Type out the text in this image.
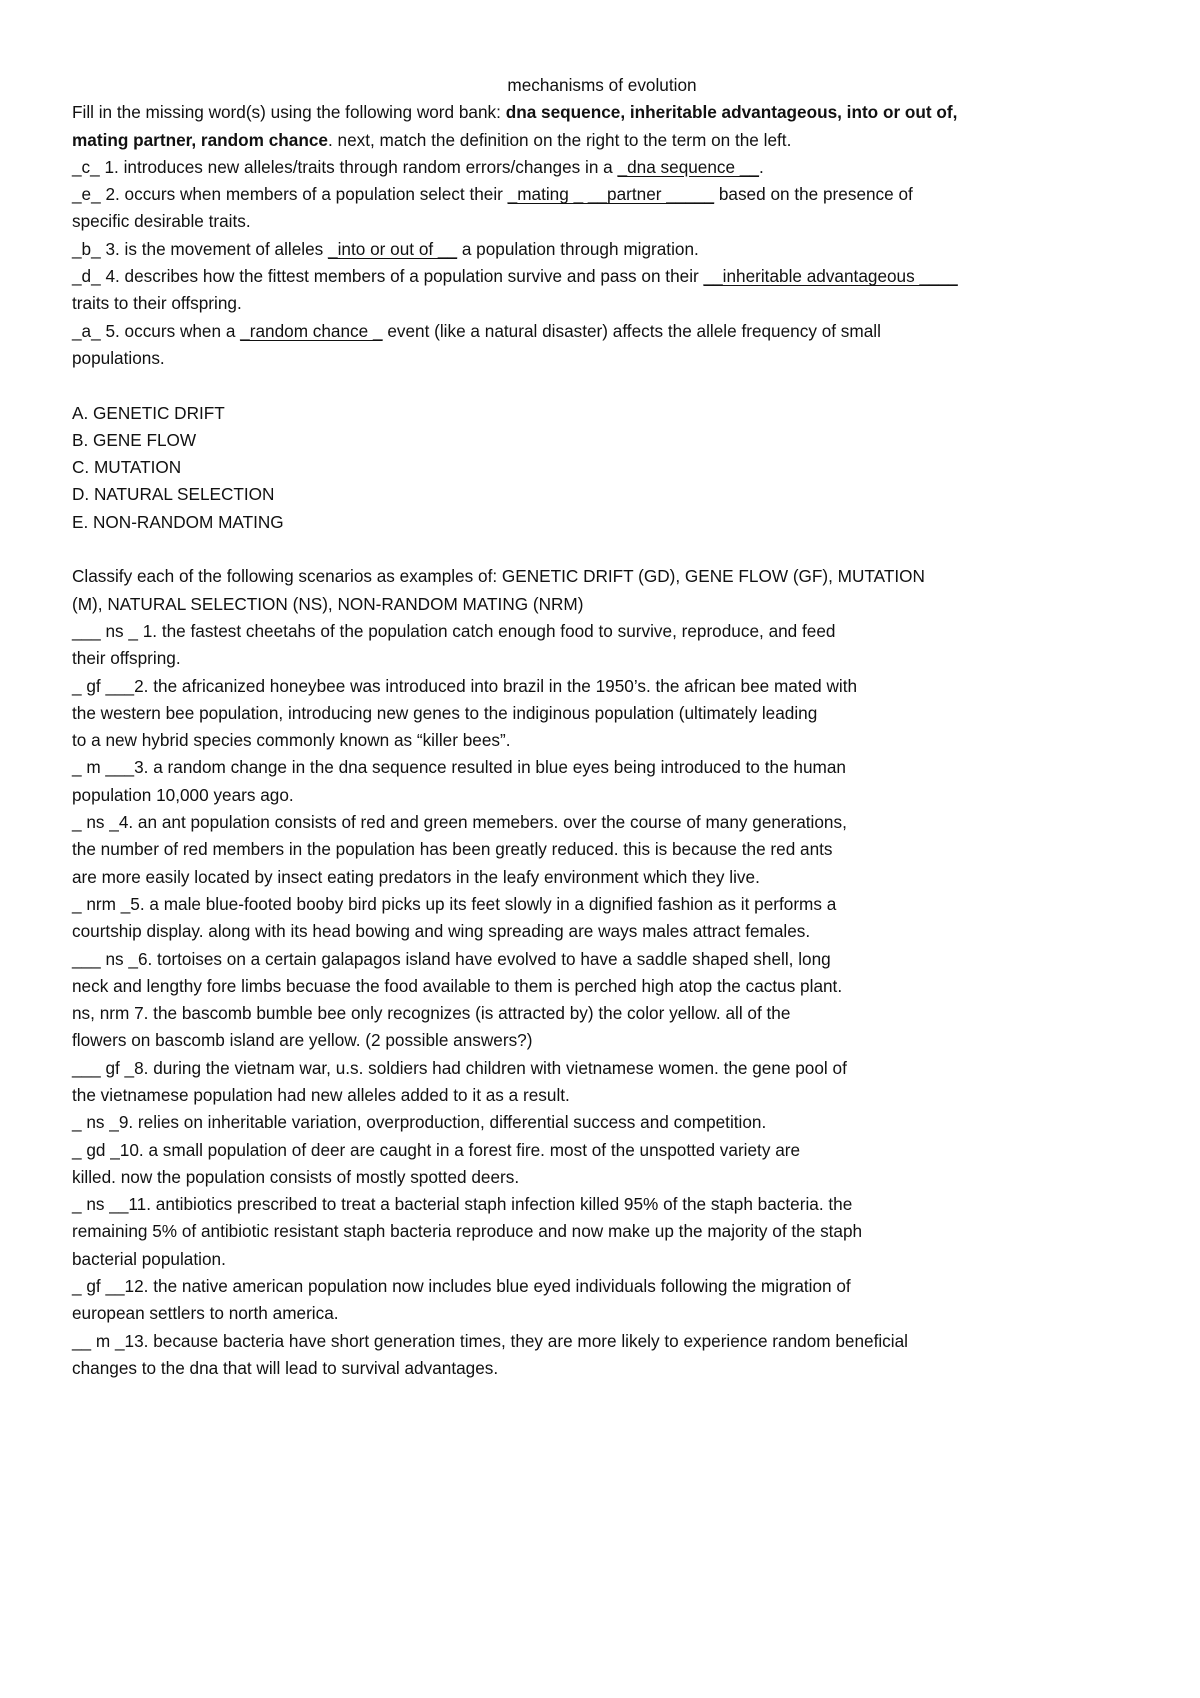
mechanisms of evolution
Fill in the missing word(s) using the following word bank: dna sequence, inheritable advantageous, into or out of,
mating partner, random chance. next, match the definition on the right to the term on the left.
_c_ 1. introduces new alleles/traits through random errors/changes in a _dna sequence __.
_e_ 2. occurs when members of a population select their _mating _ __partner _____ based on the presence of
specific desirable traits.
_b_ 3. is the movement of alleles _into or out of __ a population through migration.
_d_ 4. describes how the fittest members of a population survive and pass on their __inheritable advantageous ____
traits to their offspring.
_a_ 5. occurs when a _random chance _ event (like a natural disaster) affects the allele frequency of small
populations.
A. GENETIC DRIFT
B. GENE FLOW
C. MUTATION
D. NATURAL SELECTION
E. NON-RANDOM MATING
Classify each of the following scenarios as examples of: GENETIC DRIFT (GD), GENE FLOW (GF), MUTATION
(M), NATURAL SELECTION (NS), NON-RANDOM MATING (NRM)
___ ns _ 1. the fastest cheetahs of the population catch enough food to survive, reproduce, and feed
their offspring.
_ gf ___2. the africanized honeybee was introduced into brazil in the 1950’s. the african bee mated with
the western bee population, introducing new genes to the indiginous population (ultimately leading
to a new hybrid species commonly known as “killer bees”.
_ m ___3. a random change in the dna sequence resulted in blue eyes being introduced to the human
population 10,000 years ago.
_ ns _4. an ant population consists of red and green memebers. over the course of many generations,
the number of red members in the population has been greatly reduced. this is because the red ants
are more easily located by insect eating predators in the leafy environment which they live.
_ nrm _5. a male blue-footed booby bird picks up its feet slowly in a dignified fashion as it performs a
courtship display. along with its head bowing and wing spreading are ways males attract females.
___ ns _6. tortoises on a certain galapagos island have evolved to have a saddle shaped shell, long
neck and lengthy fore limbs becuase the food available to them is perched high atop the cactus plant.
ns, nrm 7. the bascomb bumble bee only recognizes (is attracted by) the color yellow. all of the
flowers on bascomb island are yellow. (2 possible answers?)
___ gf _8. during the vietnam war, u.s. soldiers had children with vietnamese women. the gene pool of
the vietnamese population had new alleles added to it as a result.
_ ns _9. relies on inheritable variation, overproduction, differential success and competition.
_ gd _10. a small population of deer are caught in a forest fire. most of the unspotted variety are
killed. now the population consists of mostly spotted deers.
_ ns __11. antibiotics prescribed to treat a bacterial staph infection killed 95% of the staph bacteria. the
remaining 5% of antibiotic resistant staph bacteria reproduce and now make up the majority of the staph
bacterial population.
_ gf __12. the native american population now includes blue eyed individuals following the migration of
european settlers to north america.
__ m _13. because bacteria have short generation times, they are more likely to experience random beneficial
changes to the dna that will lead to survival advantages.
